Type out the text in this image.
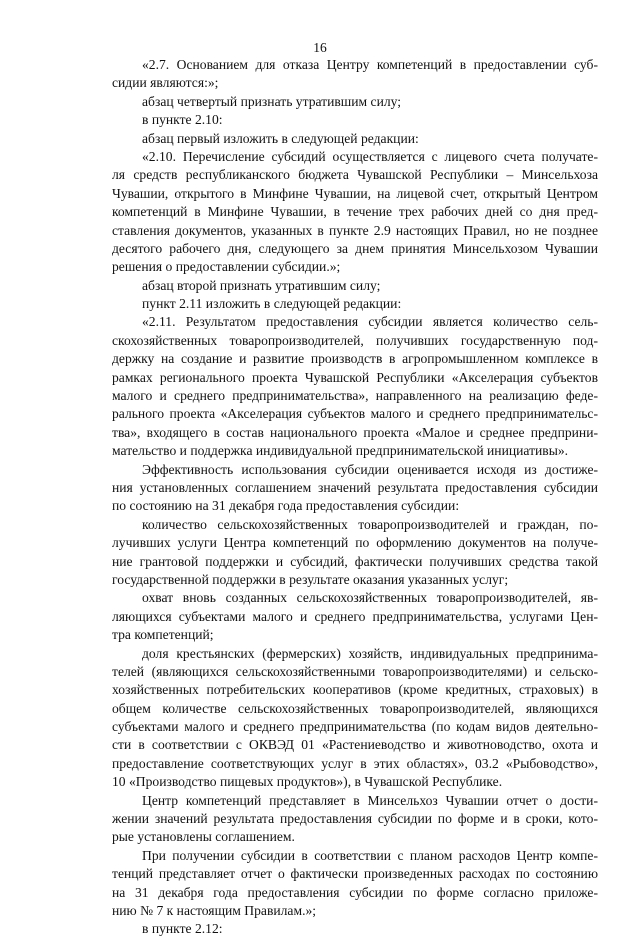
16
«2.7. Основанием для отказа Центру компетенций в предоставлении суб-
сидии являются:»;
абзац четвертый признать утратившим силу;
в пункте 2.10:
абзац первый изложить в следующей редакции:
«2.10. Перечисление субсидий осуществляется с лицевого счета получате-
ля средств республиканского бюджета Чувашской Республики – Минсельхоза
Чувашии, открытого в Минфине Чувашии, на лицевой счет, открытый Центром
компетенций в Минфине Чувашии, в течение трех рабочих дней со дня пред-
ставления документов, указанных в пункте 2.9 настоящих Правил, но не позднее
десятого рабочего дня, следующего за днем принятия Минсельхозом Чувашии
решения о предоставлении субсидии.»;
абзац второй признать утратившим силу;
пункт 2.11 изложить в следующей редакции:
«2.11. Результатом предоставления субсидии является количество сель-
скохозяйственных товаропроизводителей, получивших государственную под-
держку на создание и развитие производств в агропромышленном комплексе в
рамках регионального проекта Чувашской Республики «Акселерация субъектов
малого и среднего предпринимательства», направленного на реализацию феде-
рального проекта «Акселерация субъектов малого и среднего предпринимательс-
тва», входящего в состав национального проекта «Малое и среднее предприни-
мательство и поддержка индивидуальной предпринимательской инициативы».
Эффективность использования субсидии оценивается исходя из достиже-
ния установленных соглашением значений результата предоставления субсидии
по состоянию на 31 декабря года предоставления субсидии:
количество сельскохозяйственных товаропроизводителей и граждан, по-
лучивших услуги Центра компетенций по оформлению документов на получе-
ние грантовой поддержки и субсидий, фактически получивших средства такой
государственной поддержки в результате оказания указанных услуг;
охват вновь созданных сельскохозяйственных товаропроизводителей, яв-
ляющихся субъектами малого и среднего предпринимательства, услугами Цен-
тра компетенций;
доля крестьянских (фермерских) хозяйств, индивидуальных предпринима-
телей (являющихся сельскохозяйственными товаропроизводителями) и сельско-
хозяйственных потребительских кооперативов (кроме кредитных, страховых) в
общем количестве сельскохозяйственных товаропроизводителей, являющихся
субъектами малого и среднего предпринимательства (по кодам видов деятельно-
сти в соответствии с ОКВЭД 01 «Растениеводство и животноводство, охота и
предоставление соответствующих услуг в этих областях», 03.2 «Рыбоводство»,
10 «Производство пищевых продуктов»), в Чувашской Республике.
Центр компетенций представляет в Минсельхоз Чувашии отчет о дости-
жении значений результата предоставления субсидии по форме и в сроки, кото-
рые установлены соглашением.
При получении субсидии в соответствии с планом расходов Центр компе-
тенций представляет отчет о фактически произведенных расходах по состоянию
на 31 декабря года предоставления субсидии по форме согласно приложе-
нию № 7 к настоящим Правилам.»;
в пункте 2.12:
